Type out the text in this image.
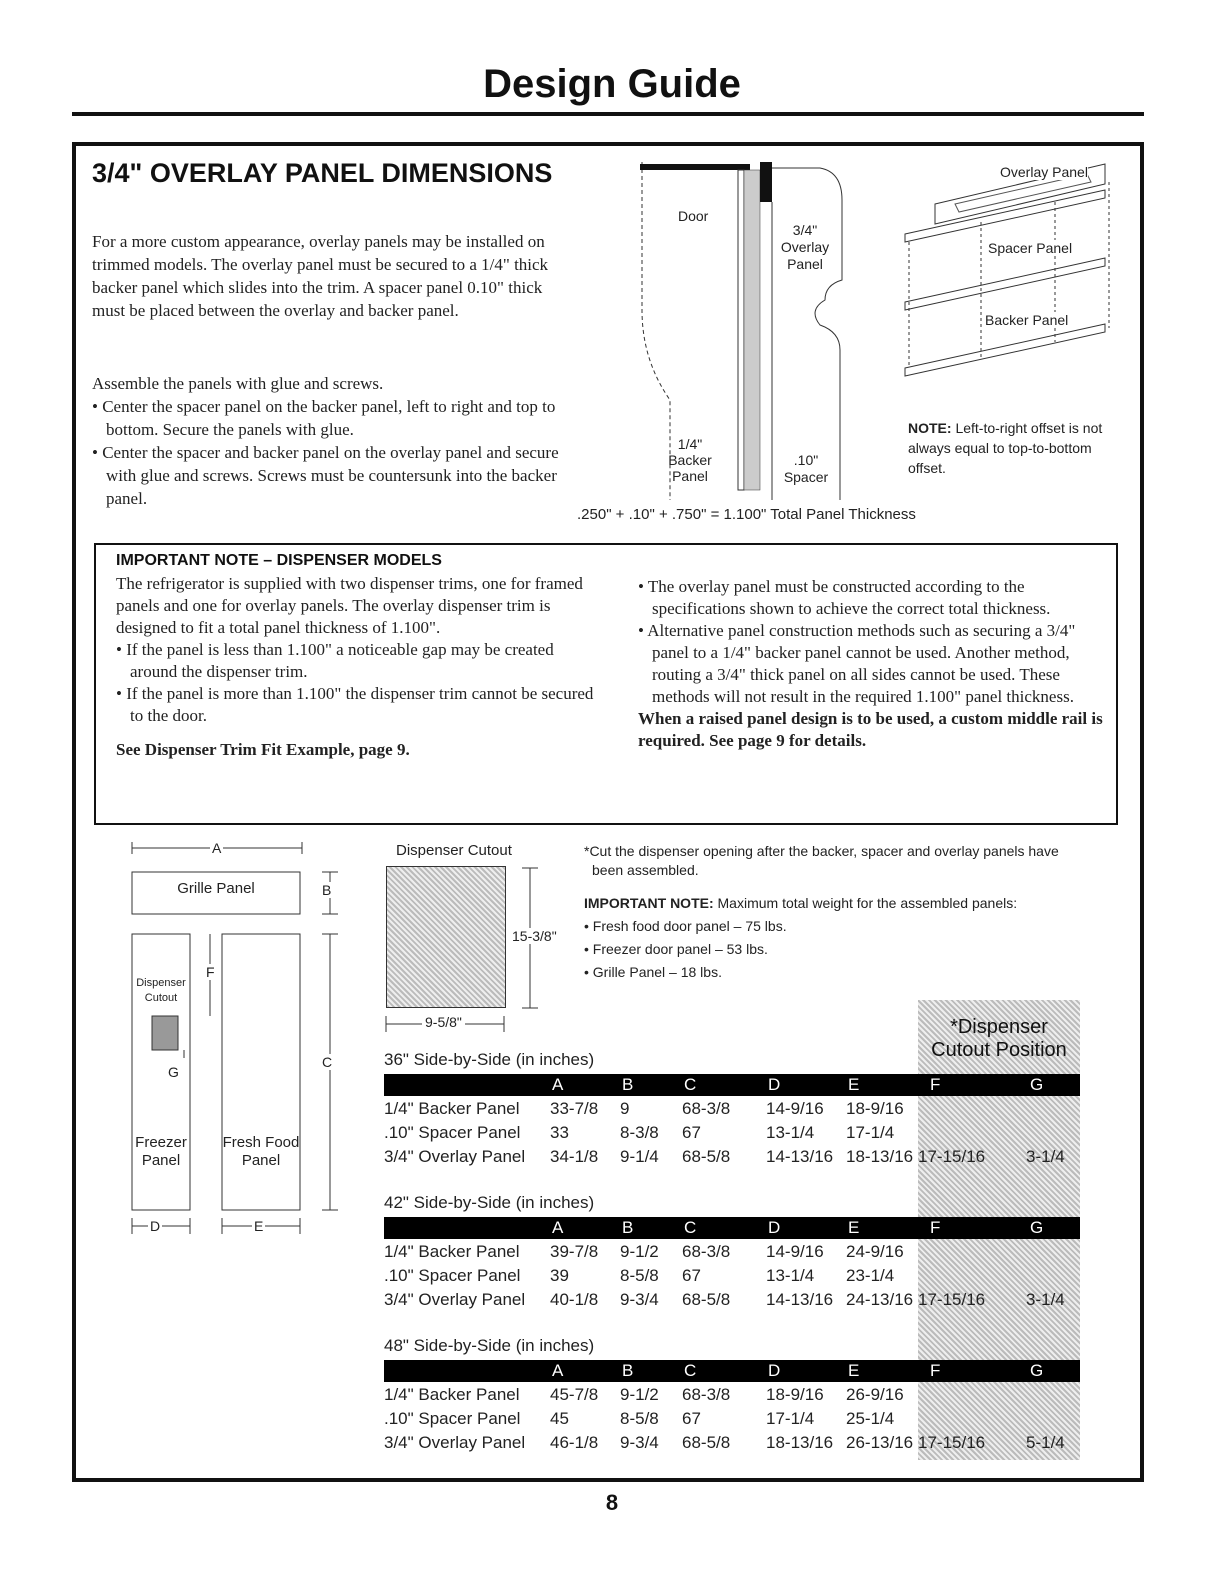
Design Guide
3/4" OVERLAY PANEL DIMENSIONS
For a more custom appearance, overlay panels may be installed on trimmed models. The overlay panel must be secured to a 1/4" thick backer panel which slides into the trim. A spacer panel 0.10" thick must be placed between the overlay and backer panel.
Assemble the panels with glue and screws.

• Center the spacer panel on the backer panel, left to right and top to bottom. Secure the panels with glue.

• Center the spacer and backer panel on the overlay panel and secure with glue and screws. Screws must be countersunk into the backer panel.

Door
3/4" Overlay Panel
1/4" Backer Panel
.10" Spacer
.250" + .10" + .750" = 1.100" Total Panel Thickness
Overlay Panel
Spacer Panel
Backer Panel
NOTE: Left-to-right offset is not always equal to top-to-bottom offset.
IMPORTANT NOTE – DISPENSER MODELS
The refrigerator is supplied with two dispenser trims, one for framed panels and one for overlay panels. The overlay dispenser trim is designed to fit a total panel thickness of 1.100".

• If the panel is less than 1.100" a noticeable gap may be created around the dispenser trim.

• If the panel is more than 1.100" the dispenser trim cannot be secured to the door.

See Dispenser Trim Fit Example, page 9.

• The overlay panel must be constructed according to the specifications shown to achieve the correct total thickness.

• Alternative panel construction methods such as securing a 3/4" panel to a 1/4" backer panel cannot be used. Another method, routing a 3/4" thick panel on all sides cannot be used. These methods will not result in the required 1.100" panel thickness.

When a raised panel design is to be used, a custom middle rail is required. See page 9 for details.
A
B
Grille Panel
Dispenser Cutout
F
G
C
Freezer Panel
Fresh Food Panel
D	E
Dispenser Cutout
15-3/8"
9-5/8"
*Cut the dispenser opening after the backer, spacer and overlay panels have been assembled.
IMPORTANT NOTE: Maximum total weight for the assembled panels:
• Fresh food door panel – 75 lbs.
• Freezer door panel – 53 lbs.
• Grille Panel – 18 lbs.
*Dispenser
Cutout Position
36" Side-by-Side (in inches)
A	B	C	D	E	F	G
1/4" Backer Panel 33-7/8 9	68-3/8 14-9/16 18-9/16
.10" Spacer Panel 33	8-3/8 67	13-1/4 17-1/4
3/4" Overlay Panel 34-1/8 9-1/4 68-5/8 14-13/16 18-13/16 17-15/16 3-1/4
42" Side-by-Side (in inches)
A	B	C	D	E	F	G
1/4" Backer Panel 39-7/8 9-1/2 68-3/8 14-9/16 24-9/16
.10" Spacer Panel 39	8-5/8 67	13-1/4 23-1/4
3/4" Overlay Panel 40-1/8 9-3/4 68-5/8 14-13/16 24-13/16 17-15/16 3-1/4
48" Side-by-Side (in inches)
A	B	C	D	E	F	G
1/4" Backer Panel 45-7/8 9-1/2 68-3/8 18-9/16 26-9/16
.10" Spacer Panel 45	8-5/8 67	17-1/4 25-1/4
3/4" Overlay Panel 46-1/8 9-3/4 68-5/8 18-13/16 26-13/16 17-15/16 5-1/4
8
